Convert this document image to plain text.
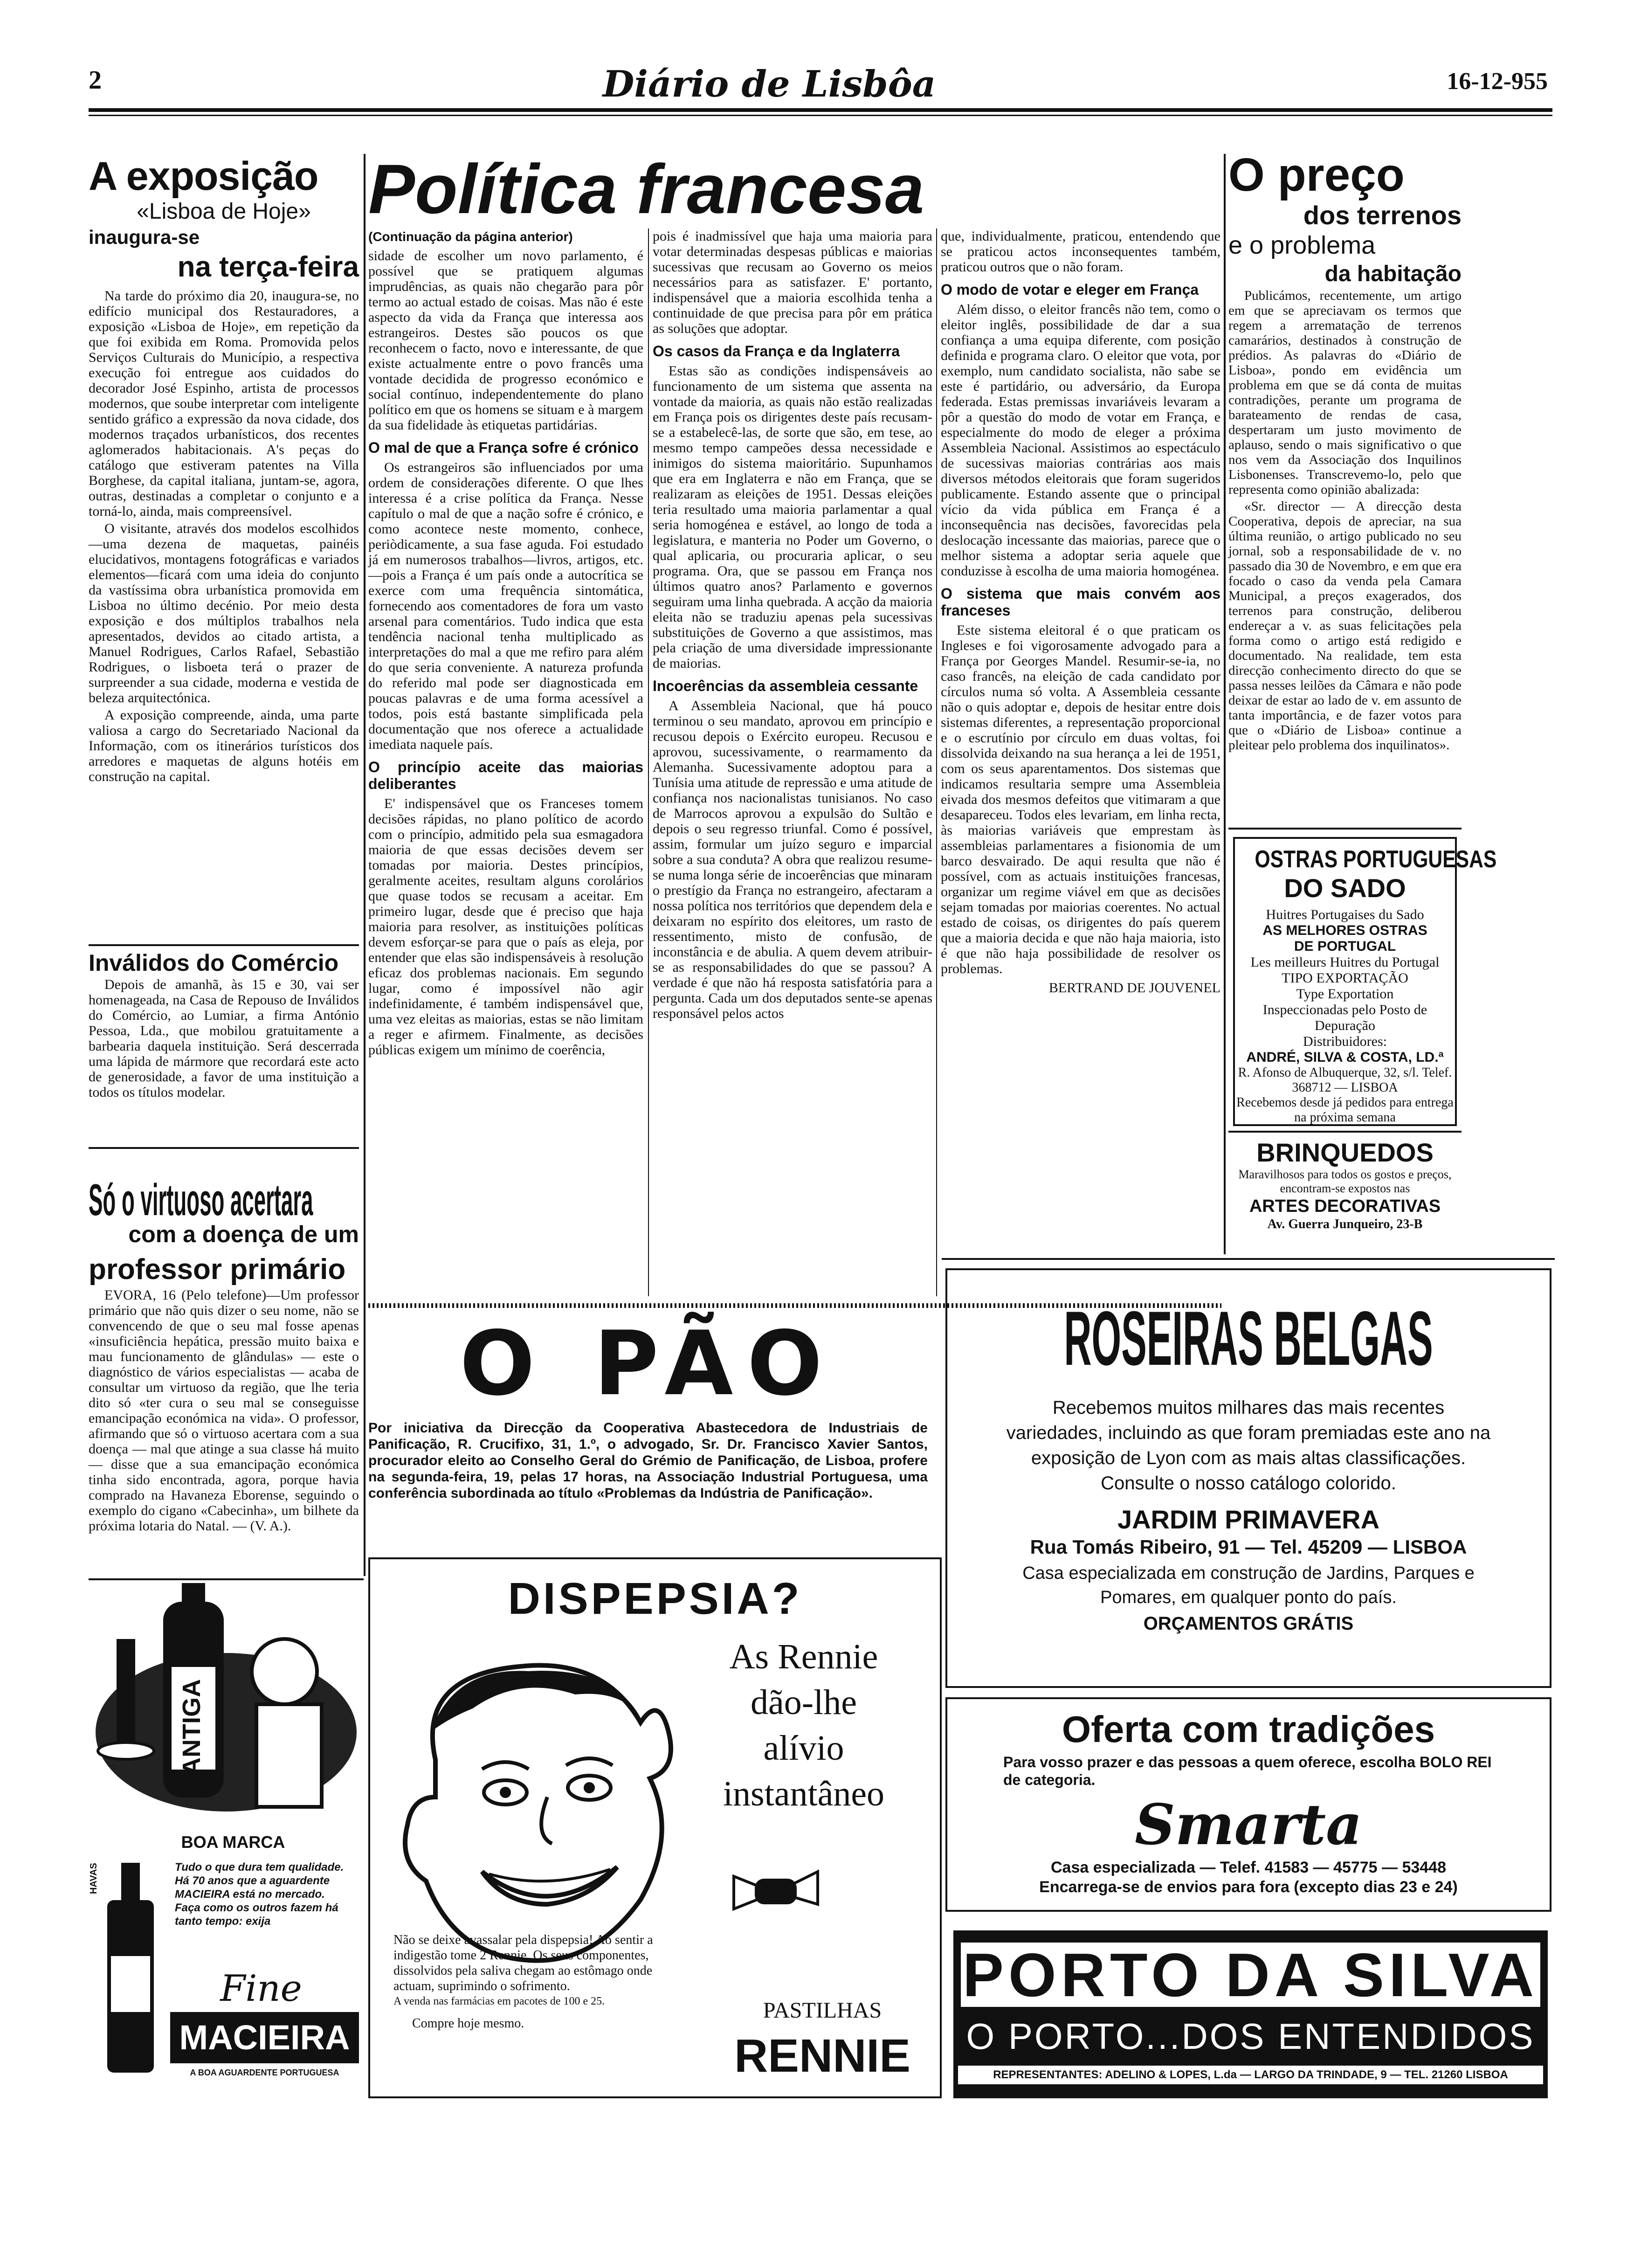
2	Diário de Lisbôa	16-12-955
A exposição
«Lisboa de Hoje»
inaugura-se
na terça-feira

Na tarde do próximo dia 20, inaugura-se, no edifício municipal dos Restauradores, a exposição «Lisboa de Hoje», em repetição da que foi exibida em Roma. Promovida pelos Serviços Culturais do Município, a respectiva execução foi entregue aos cuidados do decorador José Espinho, artista de processos modernos, que soube interpretar com inteligente sentido gráfico a expressão da nova cidade, dos modernos traçados urbanísticos, dos recentes aglomerados habitacionais. A's peças do catálogo que estiveram patentes na Villa Borghese, da capital italiana, juntam-se, agora, outras, destinadas a completar o conjunto e a torná-lo, ainda, mais compreensível.

O visitante, através dos modelos escolhidos—uma dezena de maquetas, painéis elucidativos, montagens fotográficas e variados elementos—ficará com uma ideia do conjunto da vastíssima obra urbanística promovida em Lisboa no último decénio. Por meio desta exposição e dos múltiplos trabalhos nela apresentados, devidos ao citado artista, a Manuel Rodrigues, Carlos Rafael, Sebastião Rodrigues, o lisboeta terá o prazer de surpreender a sua cidade, moderna e vestida de beleza arquitectónica.

A exposição compreende, ainda, uma parte valiosa a cargo do Secretariado Nacional da Informação, com os itinerários turísticos dos arredores e maquetas de alguns hotéis em construção na capital.

Inválidos do Comércio

Depois de amanhã, às 15 e 30, vai ser homenageada, na Casa de Repouso de Inválidos do Comércio, ao Lumiar, a firma António Pessoa, Lda., que mobilou gratuitamente a barbearia daquela instituição. Será descerrada uma lápida de mármore que recordará este acto de generosidade, a favor de uma instituição a todos os títulos modelar.

Só o virtuoso acertara
com a doença de um
professor primário

EVORA, 16 (Pelo telefone)—Um professor primário que não quis dizer o seu nome, não se convencendo de que o seu mal fosse apenas «insuficiência hepática, pressão muito baixa e mau funcionamento de glândulas» — este o diagnóstico de vários especialistas — acaba de consultar um virtuoso da região, que lhe teria dito só «ter cura o seu mal se conseguisse emancipação económica na vida». O professor, afirmando que só o virtuoso acertara com a sua doença — mal que atinge a sua classe há muito — disse que a sua emancipação económica tinha sido encontrada, agora, porque havia comprado na Havaneza Eborense, seguindo o exemplo do cigano «Cabecinha», um bilhete da próxima lotaria do Natal. — (V. A.).

ANTIGA
BOA MARCA
HAVAS	Tudo o que dura tem qualidade. Há 70 anos que a aguardente MACIEIRA está no mercado. Faça como os outros fazem há tanto tempo: exija
Fine
MACIEIRA
A BOA AGUARDENTE PORTUGUESA
Política francesa
(Continuação da página anterior)

sidade de escolher um novo parlamento, é possível que se pratiquem algumas imprudências, as quais não chegarão para pôr termo ao actual estado de coisas. Mas não é este aspecto da vida da França que interessa aos estrangeiros. Destes são poucos os que reconhecem o facto, novo e interessante, de que existe actualmente entre o povo francês uma vontade decidida de progresso económico e social contínuo, independentemente do plano político em que os homens se situam e à margem da sua fidelidade às etiquetas partidárias.

O mal de que a França sofre é crónico

Os estrangeiros são influenciados por uma ordem de considerações diferente. O que lhes interessa é a crise política da França. Nesse capítulo o mal de que a nação sofre é crónico, e como acontece neste momento, conhece, periòdicamente, a sua fase aguda. Foi estudado já em numerosos trabalhos—livros, artigos, etc.—pois a França é um país onde a autocrítica se exerce com uma frequência sintomática, fornecendo aos comentadores de fora um vasto arsenal para comentários. Tudo indica que esta tendência nacional tenha multiplicado as interpretações do mal a que me refiro para além do que seria conveniente. A natureza profunda do referido mal pode ser diagnosticada em poucas palavras e de uma forma acessível a todos, pois está bastante simplificada pela documentação que nos oferece a actualidade imediata naquele país.

O princípio aceite das maiorias deliberantes

E' indispensável que os Franceses tomem decisões rápidas, no plano político de acordo com o princípio, admitido pela sua esmagadora maioria de que essas decisões devem ser tomadas por maioria. Destes princípios, geralmente aceites, resultam alguns corolários que quase todos se recusam a aceitar. Em primeiro lugar, desde que é preciso que haja maioria para resolver, as instituições políticas devem esforçar-se para que o país as eleja, por entender que elas são indispensáveis à resolução eficaz dos problemas nacionais. Em segundo lugar, como é impossível não agir indefinidamente, é também indispensável que, uma vez eleitas as maiorias, estas se não limitam a reger e afirmem. Finalmente, as decisões públicas exigem um mínimo de coerência,

pois é inadmissível que haja uma maioria para votar determinadas despesas públicas e maiorias sucessivas que recusam ao Governo os meios necessários para as satisfazer. E' portanto, indispensável que a maioria escolhida tenha a continuidade de que precisa para pôr em prática as soluções que adoptar.

Os casos da França e da Inglaterra

Estas são as condições indispensáveis ao funcionamento de um sistema que assenta na vontade da maioria, as quais não estão realizadas em França pois os dirigentes deste país recusam-se a estabelecê-las, de sorte que são, em tese, ao mesmo tempo campeões dessa necessidade e inimigos do sistema maioritário. Supunhamos que era em Inglaterra e não em França, que se realizaram as eleições de 1951. Dessas eleições teria resultado uma maioria parlamentar a qual seria homogénea e estável, ao longo de toda a legislatura, e manteria no Poder um Governo, o qual aplicaria, ou procuraria aplicar, o seu programa. Ora, que se passou em França nos últimos quatro anos? Parlamento e governos seguiram uma linha quebrada. A acção da maioria eleita não se traduziu apenas pela sucessivas substituições de Governo a que assistimos, mas pela criação de uma diversidade impressionante de maiorias.

Incoerências da assembleia cessante

A Assembleia Nacional, que há pouco terminou o seu mandato, aprovou em princípio e recusou depois o Exército europeu. Recusou e aprovou, sucessivamente, o rearmamento da Alemanha. Sucessivamente adoptou para a Tunísia uma atitude de repressão e uma atitude de confiança nos nacionalistas tunisianos. No caso de Marrocos aprovou a expulsão do Sultão e depois o seu regresso triunfal. Como é possível, assim, formular um juízo seguro e imparcial sobre a sua conduta? A obra que realizou resume-se numa longa série de incoerências que minaram o prestígio da França no estrangeiro, afectaram a nossa política nos territórios que dependem dela e deixaram no espírito dos eleitores, um rasto de ressentimento, misto de confusão, de inconstância e de abulia. A quem devem atribuir-se as responsabilidades do que se passou? A verdade é que não há resposta satisfatória para a pergunta. Cada um dos deputados sente-se apenas responsável pelos actos

que, individualmente, praticou, entendendo que se praticou actos inconsequentes também, praticou outros que o não foram.

O modo de votar e eleger em França

Além disso, o eleitor francês não tem, como o eleitor inglês, possibilidade de dar a sua confiança a uma equipa diferente, com posição definida e programa claro. O eleitor que vota, por exemplo, num candidato socialista, não sabe se este é partidário, ou adversário, da Europa federada. Estas premissas invariáveis levaram a pôr a questão do modo de votar em França, e especialmente do modo de eleger a próxima Assembleia Nacional. Assistimos ao espectáculo de sucessivas maiorias contrárias aos mais diversos métodos eleitorais que foram sugeridos publicamente. Estando assente que o principal vício da vida pública em França é a inconsequência nas decisões, favorecidas pela deslocação incessante das maiorias, parece que o melhor sistema a adoptar seria aquele que conduzisse à escolha de uma maioria homogénea.

O sistema que mais convém aos franceses

Este sistema eleitoral é o que praticam os Ingleses e foi vigorosamente advogado para a França por Georges Mandel. Resumir-se-ia, no caso francês, na eleição de cada candidato por círculos numa só volta. A Assembleia cessante não o quis adoptar e, depois de hesitar entre dois sistemas diferentes, a representação proporcional e o escrutínio por círculo em duas voltas, foi dissolvida deixando na sua herança a lei de 1951, com os seus aparentamentos. Dos sistemas que indicamos resultaria sempre uma Assembleia eivada dos mesmos defeitos que vitimaram a que desapareceu. Todos eles levariam, em linha recta, às maiorias variáveis que emprestam às assembleias parlamentares a fisionomia de um barco desvairado. De aqui resulta que não é possível, com as actuais instituições francesas, organizar um regime viável em que as decisões sejam tomadas por maiorias coerentes. No actual estado de coisas, os dirigentes do país querem que a maioria decida e que não haja maioria, isto é que não haja possibilidade de resolver os problemas.

BERTRAND DE JOUVENEL
O PÃO
Por iniciativa da Direcção da Cooperativa Abastecedora de Industriais de Panificação, R. Crucifixo, 31, 1.º, o advogado, Sr. Dr. Francisco Xavier Santos, procurador eleito ao Conselho Geral do Grémio de Panificação, de Lisboa, profere na segunda-feira, 19, pelas 17 horas, na Associação Industrial Portuguesa, uma conferência subordinada ao título «Problemas da Indústria de Panificação».
DISPEPSIA?
As Rennie
dão-lhe
alívio
instantâneo
Não se deixe avassalar pela dispepsia! Ao sentir a indigestão tome 2 Rennie. Os seus componentes, dissolvidos pela saliva chegam ao estômago onde actuam, suprimindo o sofrimento.
A venda nas farmácias em pacotes de 100 e 25.
Compre hoje mesmo.
PASTILHAS
RENNIE
O preço
dos terrenos
e o problema
da habitação

Publicámos, recentemente, um artigo em que se apreciavam os termos que regem a arrematação de terrenos camarários, destinados à construção de prédios. As palavras do «Diário de Lisboa», pondo em evidência um problema em que se dá conta de muitas contradições, perante um programa de barateamento de rendas de casa, despertaram um justo movimento de aplauso, sendo o mais significativo o que nos vem da Associação dos Inquilinos Lisbonenses. Transcrevemo-lo, pelo que representa como opinião abalizada:

«Sr. director — A direcção desta Cooperativa, depois de apreciar, na sua última reunião, o artigo publicado no seu jornal, sob a responsabilidade de v. no passado dia 30 de Novembro, e em que era focado o caso da venda pela Camara Municipal, a preços exagerados, dos terrenos para construção, deliberou endereçar a v. as suas felicitações pela forma como o artigo está redigido e documentado. Na realidade, tem esta direcção conhecimento directo do que se passa nesses leilões da Câmara e não pode deixar de estar ao lado de v. em assunto de tanta importância, e de fazer votos para que o «Diário de Lisboa» continue a pleitear pelo problema dos inquilinatos».

OSTRAS PORTUGUESAS
DO SADO
Huitres Portugaises du Sado
AS MELHORES OSTRAS
DE PORTUGAL
Les meilleurs Huitres du Portugal
TIPO EXPORTAÇÃO
Type Exportation
Inspeccionadas pelo Posto de Depuração
Distribuidores:
ANDRÉ, SILVA & COSTA, LD.ª
R. Afonso de Albuquerque, 32, s/l. Telef. 368712 — LISBOA
Recebemos desde já pedidos para entrega na próxima semana
BRINQUEDOS
Maravilhosos para todos os gostos e preços, encontram-se expostos nas
ARTES DECORATIVAS
Av. Guerra Junqueiro, 23-B
ROSEIRAS BELGAS
Recebemos muitos milhares das mais recentes variedades, incluindo as que foram premiadas este ano na exposição de Lyon com as mais altas classificações. Consulte o nosso catálogo colorido.
JARDIM PRIMAVERA
Rua Tomás Ribeiro, 91 — Tel. 45209 — LISBOA
Casa especializada em construção de Jardins, Parques e Pomares, em qualquer ponto do país.
ORÇAMENTOS GRÁTIS
Oferta com tradições
Para vosso prazer e das pessoas a quem oferece, escolha BOLO REI de categoria.
Smarta
Casa especializada — Telef. 41583 — 45775 — 53448
Encarrega-se de envios para fora (excepto dias 23 e 24)
PORTO DA SILVA
O PORTO...DOS ENTENDIDOS
REPRESENTANTES: ADELINO & LOPES, L.da — LARGO DA TRINDADE, 9 — TEL. 21260 LISBOA
